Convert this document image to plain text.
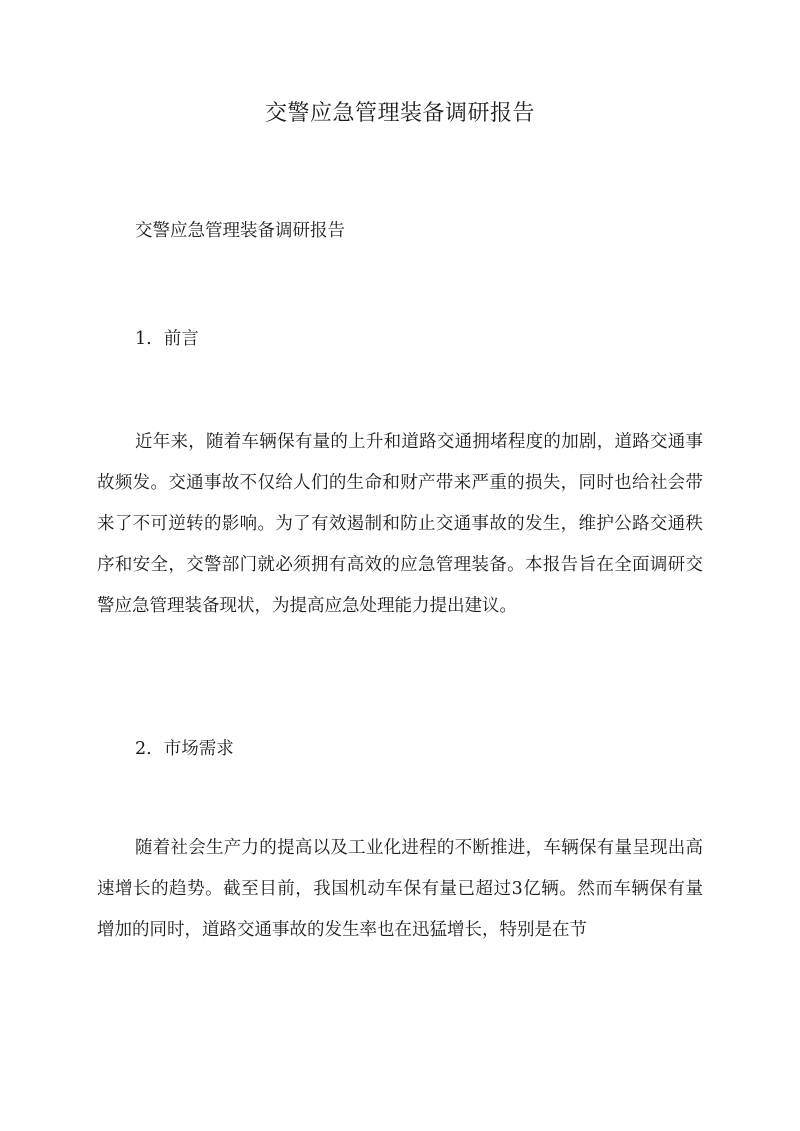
交警应急管理装备调研报告
交警应急管理装备调研报告
1. 前言
近年来，随着车辆保有量的上升和道路交通拥堵程度的加剧，道路交通事故频发。交通事故不仅给人们的生命和财产带来严重的损失，同时也给社会带来了不可逆转的影响。为了有效遏制和防止交通事故的发生，维护公路交通秩序和安全，交警部门就必须拥有高效的应急管理装备。本报告旨在全面调研交警应急管理装备现状，为提高应急处理能力提出建议。
2. 市场需求
随着社会生产力的提高以及工业化进程的不断推进，车辆保有量呈现出高速增长的趋势。截至目前，我国机动车保有量已超过3亿辆。然而车辆保有量增加的同时，道路交通事故的发生率也在迅猛增长，特别是在节
